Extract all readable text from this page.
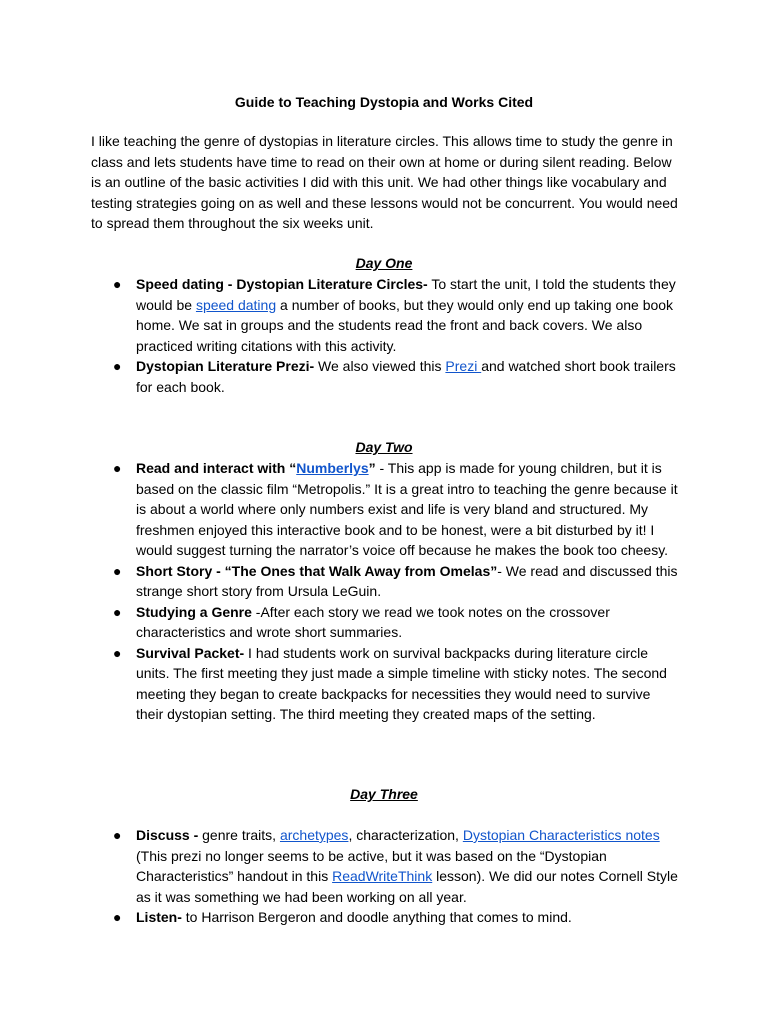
Guide to Teaching Dystopia and Works Cited
I like teaching the genre of dystopias in literature circles. This allows time to study the genre in class and lets students have time to read on their own at home or during silent reading. Below is an outline of the basic activities I did with this unit. We had other things like vocabulary and testing strategies going on as well and these lessons would not be concurrent. You would need to spread them throughout the six weeks unit.
Day One
● Speed dating - Dystopian Literature Circles- To start the unit, I told the students they would be speed dating a number of books, but they would only end up taking one book home. We sat in groups and the students read the front and back covers. We also practiced writing citations with this activity.
● Dystopian Literature Prezi- We also viewed this Prezi and watched short book trailers for each book.
Day Two
● Read and interact with “Numberlys” - This app is made for young children, but it is based on the classic film “Metropolis.” It is a great intro to teaching the genre because it is about a world where only numbers exist and life is very bland and structured. My freshmen enjoyed this interactive book and to be honest, were a bit disturbed by it! I would suggest turning the narrator’s voice off because he makes the book too cheesy.
● Short Story - “The Ones that Walk Away from Omelas”- We read and discussed this strange short story from Ursula LeGuin.
● Studying a Genre -After each story we read we took notes on the crossover characteristics and wrote short summaries.
● Survival Packet- I had students work on survival backpacks during literature circle units. The first meeting they just made a simple timeline with sticky notes. The second meeting they began to create backpacks for necessities they would need to survive their dystopian setting. The third meeting they created maps of the setting.
Day Three
● Discuss - genre traits, archetypes, characterization, Dystopian Characteristics notes (This prezi no longer seems to be active, but it was based on the “Dystopian Characteristics” handout in this ReadWriteThink lesson). We did our notes Cornell Style as it was something we had been working on all year.
● Listen- to Harrison Bergeron and doodle anything that comes to mind.
